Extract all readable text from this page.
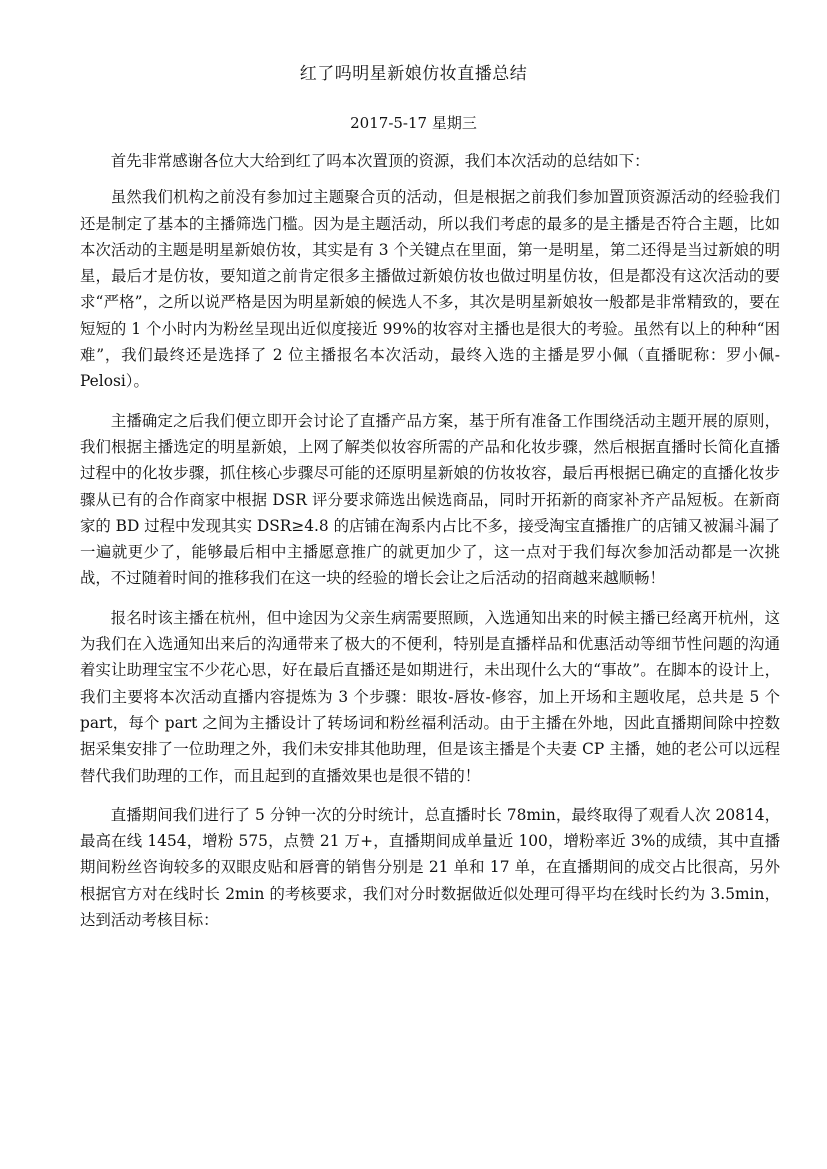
红了吗明星新娘仿妆直播总结
2017-5-17 星期三

首先非常感谢各位大大给到红了吗本次置顶的资源，我们本次活动的总结如下：

虽然我们机构之前没有参加过主题聚合页的活动，但是根据之前我们参加置顶资源活动的经验我们还是制定了基本的主播筛选门槛。因为是主题活动，所以我们考虑的最多的是主播是否符合主题，比如本次活动的主题是明星新娘仿妆，其实是有 3 个关键点在里面，第一是明星，第二还得是当过新娘的明星，最后才是仿妆，要知道之前肯定很多主播做过新娘仿妆也做过明星仿妆，但是都没有这次活动的要求“严格”，之所以说严格是因为明星新娘的候选人不多，其次是明星新娘妆一般都是非常精致的，要在短短的 1 个小时内为粉丝呈现出近似度接近 99%的妆容对主播也是很大的考验。虽然有以上的种种“困难”，我们最终还是选择了 2 位主播报名本次活动，最终入选的主播是罗小佩（直播昵称：罗小佩-Pelosi）。

主播确定之后我们便立即开会讨论了直播产品方案，基于所有准备工作围绕活动主题开展的原则，我们根据主播选定的明星新娘，上网了解类似妆容所需的产品和化妆步骤，然后根据直播时长简化直播过程中的化妆步骤，抓住核心步骤尽可能的还原明星新娘的仿妆妆容，最后再根据已确定的直播化妆步骤从已有的合作商家中根据 DSR 评分要求筛选出候选商品，同时开拓新的商家补齐产品短板。在新商家的 BD 过程中发现其实 DSR≥4.8 的店铺在淘系内占比不多，接受淘宝直播推广的店铺又被漏斗漏了一遍就更少了，能够最后相中主播愿意推广的就更加少了，这一点对于我们每次参加活动都是一次挑战，不过随着时间的推移我们在这一块的经验的增长会让之后活动的招商越来越顺畅！

报名时该主播在杭州，但中途因为父亲生病需要照顾，入选通知出来的时候主播已经离开杭州，这为我们在入选通知出来后的沟通带来了极大的不便利，特别是直播样品和优惠活动等细节性问题的沟通着实让助理宝宝不少花心思，好在最后直播还是如期进行，未出现什么大的“事故”。在脚本的设计上，我们主要将本次活动直播内容提炼为 3 个步骤：眼妆-唇妆-修容，加上开场和主题收尾，总共是 5 个 part，每个 part 之间为主播设计了转场词和粉丝福利活动。由于主播在外地，因此直播期间除中控数据采集安排了一位助理之外，我们未安排其他助理，但是该主播是个夫妻 CP 主播，她的老公可以远程替代我们助理的工作，而且起到的直播效果也是很不错的！

直播期间我们进行了 5 分钟一次的分时统计，总直播时长 78min，最终取得了观看人次 20814，最高在线 1454，增粉 575，点赞 21 万+，直播期间成单量近 100，增粉率近 3%的成绩，其中直播期间粉丝咨询较多的双眼皮贴和唇膏的销售分别是 21 单和 17 单，在直播期间的成交占比很高，另外根据官方对在线时长 2min 的考核要求，我们对分时数据做近似处理可得平均在线时长约为 3.5min，达到活动考核目标：
